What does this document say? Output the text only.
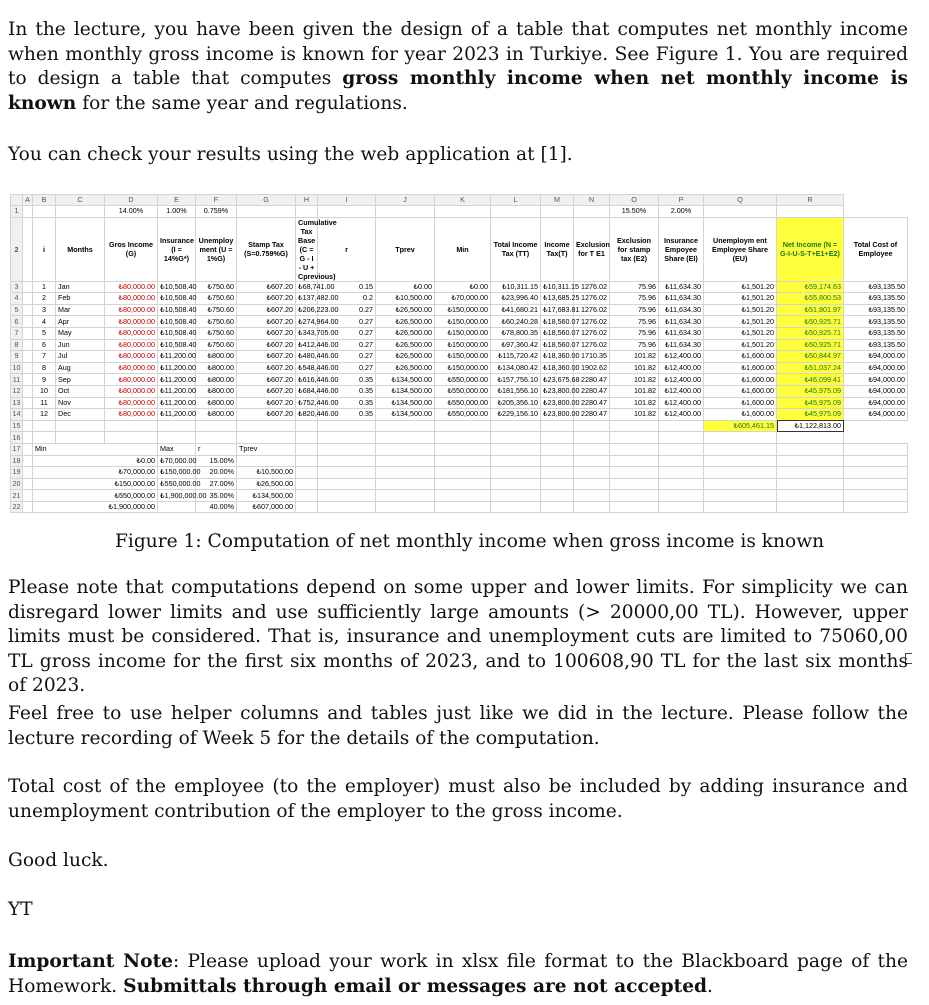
In the lecture, you have been given the design of a table that computes net monthly income when monthly gross income is known for year 2023 in Turkiye. See Figure 1. You are required to design a table that computes gross monthly income when net monthly income is known for the same year and regulations.

You can check your results using the web application at [1].

	A	B	C	D	E	F	G	H	I	J	K	L	M	N	O	P	Q	R	
1				14.00%	1.00%	0.759%									15.50%	2.00%			
2		i	Months	Gros Income (G)	Insurance (I = 14%G*)	Unemploy ment (U = 1%G)	Stamp Tax (S=0.759%G)	Cumulative Tax Base (C = G - I - U + Cprevious)	r	Tprev	Min	Total Income Tax (TT)	Income Tax(T)	Exclusion for T E1	Exclusion for stamp tax (E2)	Insurance Empoyee Share (EI)	Unemploym ent Employee Share (EU)	Net Income (N = G-I-U-S-T+E1+E2)	Total Cost of Employee
3		1	Jan	₺80,000.00	₺10,508.40	₺750.60	₺607.20	₺68,741.00	0.15	₺0.00	₺0.00	₺10,311.15	₺10,311.15	1276.02	75.96	₺11,634.30	₺1,501.20	₺59,174.63	₺93,135.50
4		2	Feb	₺80,000.00	₺10,508.40	₺750.60	₺607.20	₺137,482.00	0.2	₺10,500.00	₺70,000.00	₺23,996.40	₺13,685.25	1276.02	75.96	₺11,634.30	₺1,501.20	₺55,800.53	₺93,135.50
5		3	Mar	₺80,000.00	₺10,508.40	₺750.60	₺607.20	₺206,223.00	0.27	₺26,500.00	₺150,000.00	₺41,680.21	₺17,683.81	1276.02	75.96	₺11,634.30	₺1,501.20	₺51,801.97	₺93,135.50
6		4	Apr	₺80,000.00	₺10,508.40	₺750.60	₺607.20	₺274,964.00	0.27	₺26,500.00	₺150,000.00	₺60,240.28	₺18,560.07	1276.02	75.96	₺11,634.30	₺1,501.20	₺50,925.71	₺93,135.50
7		5	May	₺80,000.00	₺10,508.40	₺750.60	₺607.20	₺343,705.00	0.27	₺26,500.00	₺150,000.00	₺78,800.35	₺18,560.07	1276.02	75.96	₺11,634.30	₺1,501.20	₺50,925.71	₺93,135.50
8		6	Jun	₺80,000.00	₺10,508.40	₺750.60	₺607.20	₺412,446.00	0.27	₺26,500.00	₺150,000.00	₺97,360.42	₺18,560.07	1276.02	75.96	₺11,634.30	₺1,501.20	₺50,925.71	₺93,135.50
9		7	Jul	₺80,000.00	₺11,200.00	₺800.00	₺607.20	₺480,446.00	0.27	₺26,500.00	₺150,000.00	₺115,720.42	₺18,360.00	1710.35	101.82	₺12,400.00	₺1,600.00	₺50,844.97	₺94,000.00
10		8	Aug	₺80,000.00	₺11,200.00	₺800.00	₺607.20	₺548,446.00	0.27	₺26,500.00	₺150,000.00	₺134,080.42	₺18,360.00	1902.62	101.82	₺12,400.00	₺1,600.00	₺51,037.24	₺94,000.00
11		9	Sep	₺80,000.00	₺11,200.00	₺800.00	₺607.20	₺616,446.00	0.35	₺134,500.00	₺550,000.00	₺157,756.10	₺23,675.68	2280.47	101.82	₺12,400.00	₺1,600.00	₺46,099.41	₺94,000.00
12		10	Oct	₺80,000.00	₺11,200.00	₺800.00	₺607.20	₺684,446.00	0.35	₺134,500.00	₺550,000.00	₺181,556.10	₺23,800.00	2280.47	101.82	₺12,400.00	₺1,600.00	₺45,975.09	₺94,000.00
13		11	Nov	₺80,000.00	₺11,200.00	₺800.00	₺607.20	₺752,446.00	0.35	₺134,500.00	₺550,000.00	₺205,356.10	₺23,800.00	2280.47	101.82	₺12,400.00	₺1,600.00	₺45,975.09	₺94,000.00
14		12	Dec	₺80,000.00	₺11,200.00	₺800.00	₺607.20	₺820,446.00	0.35	₺134,500.00	₺550,000.00	₺229,156.10	₺23,800.00	2280.47	101.82	₺12,400.00	₺1,600.00	₺45,975.09	₺94,000.00
15																	₺605,461.15	₺1,122,813.00	
16																			
17		Min			Max	r	Tprev												
18		₺0.00			₺70,000.00	15.00%													
19		₺70,000.00			₺150,000.00	20.00%	₺10,500.00												
20		₺150,000.00			₺550,000.00	27.00%	₺26,500.00												
21		₺550,000.00			₺1,900,000.00	35.00%	₺134,500.00												
22		₺1,900,000.00				40.00%	₺607,000.00												
Figure 1: Computation of net monthly income when gross income is known

Please note that computations depend on some upper and lower limits. For simplicity we can disregard lower limits and use sufficiently large amounts (> 20000,00 TL). However, upper limits must be considered. That is, insurance and unemployment cuts are limited to 75060,00 TL gross income for the first six months of 2023, and to 100608,90 TL for the last six months of 2023.

Feel free to use helper columns and tables just like we did in the lecture. Please follow the lecture recording of Week 5 for the details of the computation.

Total cost of the employee (to the employer) must also be included by adding insurance and unemployment contribution of the employer to the gross income.

Good luck.

YT

Important Note: Please upload your work in xlsx file format to the Blackboard page of the Homework. Submittals through email or messages are not accepted.
